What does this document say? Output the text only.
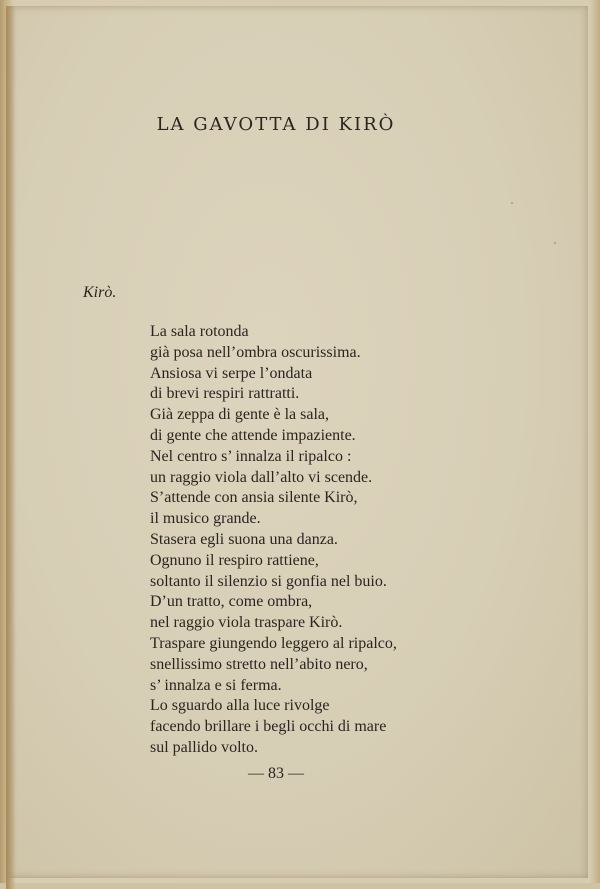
LA GAVOTTA DI KIRÒ

Kirò.

La sala rotonda
già posa nell’ombra oscurissima.
Ansiosa vi serpe l’ondata
di brevi respiri rattratti.
Già zeppa di gente è la sala,
di gente che attende impaziente.
Nel centro s’ innalza il ripalco :
un raggio viola dall’alto vi scende.
S’attende con ansia silente Kirò,
il musico grande.
Stasera egli suona una danza.
Ognuno il respiro rattiene,
soltanto il silenzio si gonfia nel buio.
D’un tratto, come ombra,
nel raggio viola traspare Kirò.
Traspare giungendo leggero al ripalco,
snellissimo stretto nell’abito nero,
s’ innalza e si ferma.
Lo sguardo alla luce rivolge
facendo brillare i begli occhi di mare
sul pallido volto.

— 83 —
